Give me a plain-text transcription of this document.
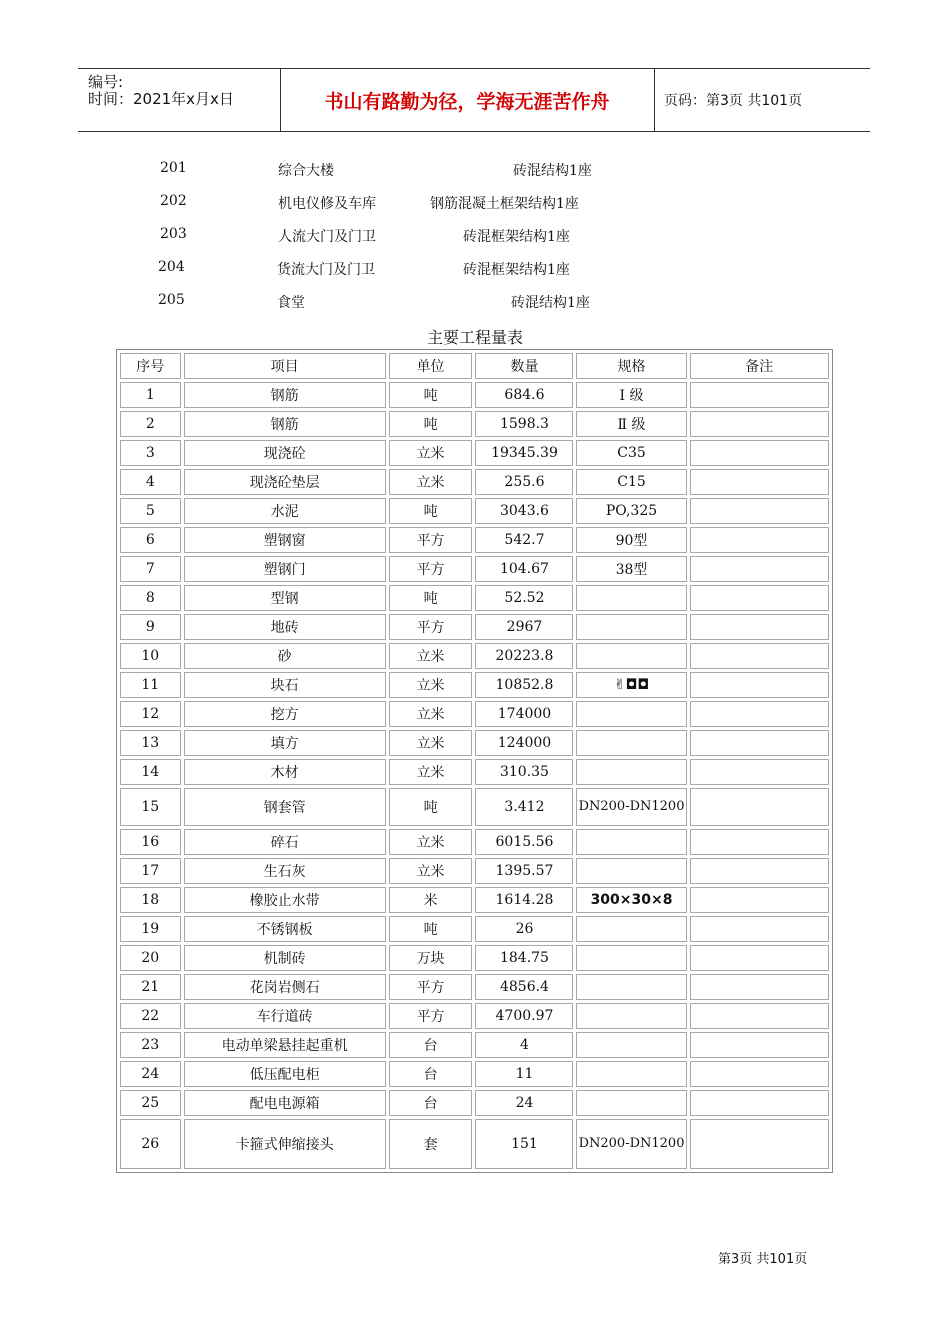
编号:
时间：2021年x月x日	书山有路勤为径，学海无涯苦作舟	页码：第3页 共101页
201	综合大楼	砖混结构1座
202	机电仪修及车库	钢筋混凝土框架结构1座
203	人流大门及门卫	砖混框架结构1座
204	货流大门及门卫	砖混框架结构1座
205	食堂	砖混结构1座
主要工程量表
序号	项目	单位	数量	规格	备注
1	钢筋	吨	684.6	Ⅰ 级	
2	钢筋	吨	1598.3	Ⅱ 级	
3	现浇砼	立米	19345.39	C35	
4	现浇砼垫层	立米	255.6	C15	
5	水泥	吨	3043.6	PO,325	
6	塑钢窗	平方	542.7	90型	
7	塑钢门	平方	104.67	38型	
8	型钢	吨	52.52		
9	地砖	平方	2967		
10	砂	立米	20223.8		
11	块石	立米	10852.8	✌◘◘	
12	挖方	立米	174000		
13	填方	立米	124000		
14	木材	立米	310.35		
15	钢套管	吨	3.412	DN200-DN1200	
16	碎石	立米	6015.56		
17	生石灰	立米	1395.57		
18	橡胶止水带	米	1614.28	300×30×8	
19	不锈钢板	吨	26		
20	机制砖	万块	184.75		
21	花岗岩侧石	平方	4856.4		
22	车行道砖	平方	4700.97		
23	电动单梁悬挂起重机	台	4		
24	低压配电柜	台	11		
25	配电电源箱	台	24		
26	卡箍式伸缩接头	套	151	DN200-DN1200	
第3页 共101页
